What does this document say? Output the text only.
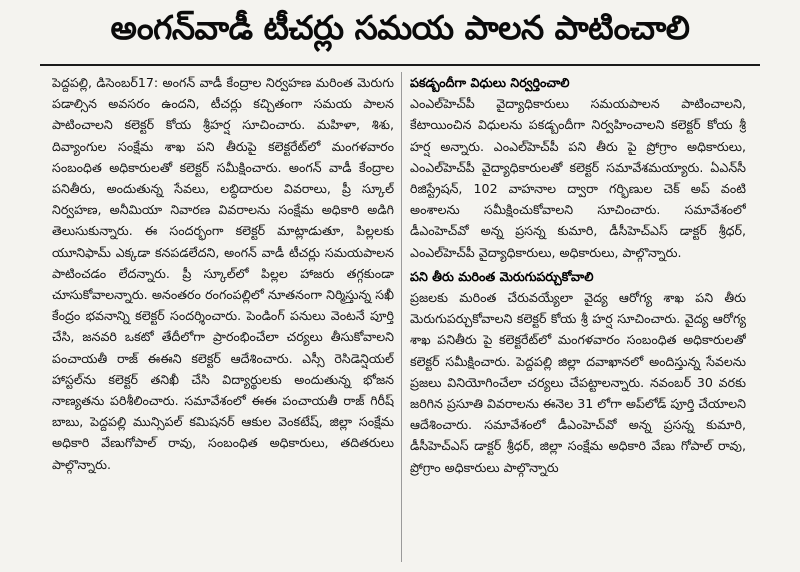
అంగన్‌వాడీ టీచర్లు సమయ పాలన పాటించాలి

పెద్దపల్లి, డిసెంబర్17: అంగన్ వాడీ కేంద్రాల నిర్వహణ మరింత మెరుగు పడాల్సిన అవసరం ఉందని, టీచర్లు కచ్చితంగా సమయ పాలన పాటించాలని కలెక్టర్ కోయ శ్రీహర్ష సూచించారు. మహిళా, శిశు, దివ్యాంగుల సంక్షేమ శాఖ పని తీరుపై కలెక్టరేట్‌లో మంగళవారం సంబంధిత అధికారులతో కలెక్టర్ సమీక్షించారు. అంగన్ వాడీ కేంద్రాల పనితీరు, అందుతున్న సేవలు, లబ్ధిదారుల వివరాలు, ప్రీ స్కూల్ నిర్వహణ, అనీమియా నివారణ వివరాలను సంక్షేమ అధికారి అడిగి తెలుసుకున్నారు. ఈ సందర్భంగా కలెక్టర్ మాట్లాడుతూ, పిల్లలకు యూనిఫామ్ ఎక్కడా కనపడలేదని, అంగన్ వాడీ టీచర్లు సమయపాలన పాటించడం లేదన్నారు. ప్రీ స్కూల్‌లో పిల్లల హాజరు తగ్గకుండా చూసుకోవాలన్నారు. అనంతరం రంగంపల్లిలో నూతనంగా నిర్మిస్తున్న సఖీ కేంద్రం భవనాన్ని కలెక్టర్ సందర్శించారు. పెండింగ్ పనులు వెంటనే పూర్తి చేసి, జనవరి ఒకటో తేదీలోగా ప్రారంభించేలా చర్యలు తీసుకోవాలని పంచాయతీ రాజ్ ఈఈని కలెక్టర్ ఆదేశించారు. ఎస్సీ రెసిడెన్షియల్ హాస్టల్‌ను కలెక్టర్ తనిఖీ చేసి విద్యార్థులకు అందుతున్న భోజన నాణ్యతను పరిశీలించారు. సమావేశంలో ఈఈ పంచాయతీ రాజ్ గిరీష్ బాబు, పెద్దపల్లి మున్సిపల్ కమిషనర్ ఆకుల వెంకటేష్, జిల్లా సంక్షేమ అధికారి వేణుగోపాల్ రావు, సంబంధిత అధికారులు, తదితరులు పాల్గొన్నారు.

పకడ్బందీగా విధులు నిర్వర్తించాలి

ఎంఎల్‌హెచ్‌పీ వైద్యాధికారులు సమయపాలన పాటించాలని, కేటాయించిన విధులను పకడ్బందీగా నిర్వహించాలని కలెక్టర్ కోయ శ్రీ హర్ష అన్నారు. ఎంఎల్‌హెచ్‌పీ పని తీరు పై ప్రోగ్రాం అధికారులు, ఎంఎల్‌హెచ్‌పీ వైద్యాధికారులతో కలెక్టర్ సమావేశమయ్యారు. ఏఎన్‌సీ రిజిస్ట్రేషన్, 102 వాహనాల ద్వారా గర్భిణుల చెక్ అప్ వంటి అంశాలను సమీక్షించుకోవాలని సూచించారు. సమావేశంలో డీఎంహెచ్‌వో అన్న ప్రసన్న కుమారి, డీసీహెచ్ఎస్ డాక్టర్ శ్రీధర్, ఎంఎల్‌హెచ్‌పీ వైద్యాధికారులు, అధికారులు, పాల్గొన్నారు.

పని తీరు మరింత మెరుగుపర్చుకోవాలి

ప్రజలకు మరింత చేరువయ్యేలా వైద్య ఆరోగ్య శాఖ పని తీరు మెరుగుపర్చుకోవాలని కలెక్టర్ కోయ శ్రీ హర్ష సూచించారు. వైద్య ఆరోగ్య శాఖ పనితీరు పై కలెక్టరేట్‌లో మంగళవారం సంబంధిత అధికారులతో కలెక్టర్ సమీక్షించారు. పెద్దపల్లి జిల్లా దవాఖానలో అందిస్తున్న సేవలను ప్రజలు వినియోగించేలా చర్యలు చేపట్టాలన్నారు. నవంబర్ 30 వరకు జరిగిన ప్రసూతి వివరాలను ఈనెల 31 లోగా అప్‌లోడ్ పూర్తి చేయాలని ఆదేశించారు. సమావేశంలో డీఎంహెచ్‌వో అన్న ప్రసన్న కుమారి, డీసీహెచ్ఎస్ డాక్టర్ శ్రీధర్, జిల్లా సంక్షేమ అధికారి వేణు గోపాల్ రావు, ప్రోగ్రాం అధికారులు పాల్గొన్నారు
